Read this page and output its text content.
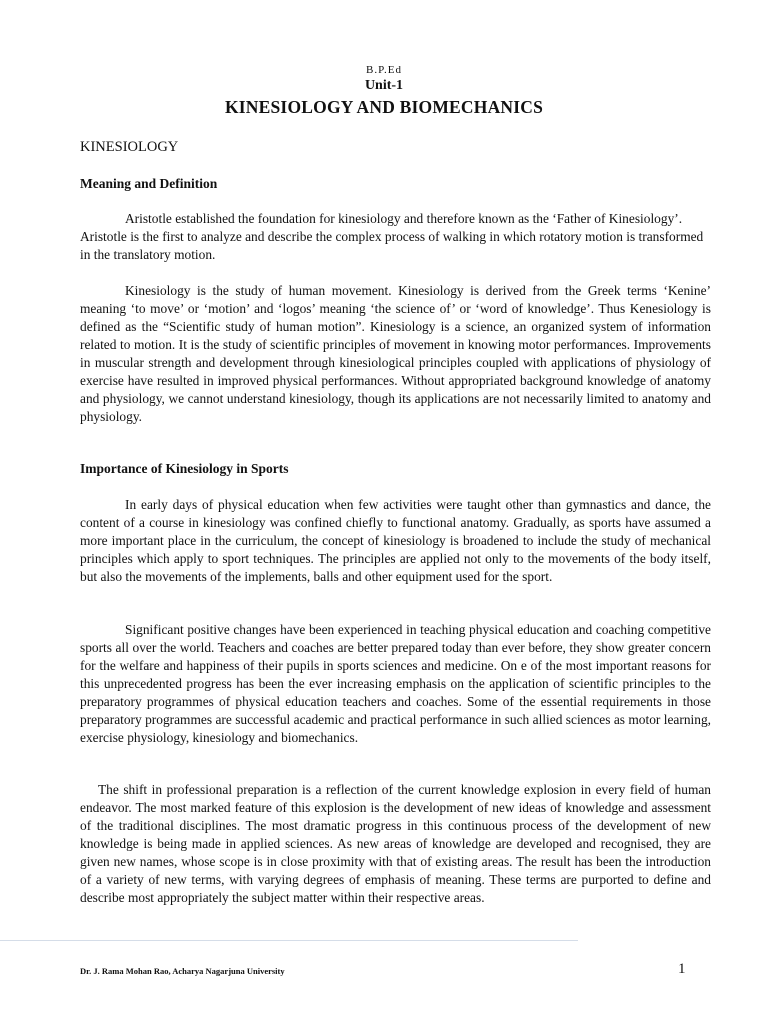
B.P.Ed
Unit-1
KINESIOLOGY AND BIOMECHANICS
KINESIOLOGY
Meaning and Definition

Aristotle established the foundation for kinesiology and therefore known as the ‘Father of Kinesiology’. Aristotle is the first to analyze and describe the complex process of walking in which rotatory motion is transformed in the translatory motion.

Kinesiology is the study of human movement. Kinesiology is derived from the Greek terms ‘Kenine’ meaning ‘to move’ or ‘motion’ and ‘logos’ meaning ‘the science of’ or ‘word of knowledge’. Thus Kenesiology is defined as the “Scientific study of human motion”. Kinesiology is a science, an organized system of information related to motion. It is the study of scientific principles of movement in knowing motor performances. Improvements in muscular strength and development through kinesiological principles coupled with applications of physiology of exercise have resulted in improved physical performances. Without appropriated background knowledge of anatomy and physiology, we cannot understand kinesiology, though its applications are not necessarily limited to anatomy and physiology.

Importance of Kinesiology in Sports

In early days of physical education when few activities were taught other than gymnastics and dance, the content of a course in kinesiology was confined chiefly to functional anatomy. Gradually, as sports have assumed a more important place in the curriculum, the concept of kinesiology is broadened to include the study of mechanical principles which apply to sport techniques. The principles are applied not only to the movements of the body itself, but also the movements of the implements, balls and other equipment used for the sport.

Significant positive changes have been experienced in teaching physical education and coaching competitive sports all over the world. Teachers and coaches are better prepared today than ever before, they show greater concern for the welfare and happiness of their pupils in sports sciences and medicine. On e of the most important reasons for this unprecedented progress has been the ever increasing emphasis on the application of scientific principles to the preparatory programmes of physical education teachers and coaches. Some of the essential requirements in those preparatory programmes are successful academic and practical performance in such allied sciences as motor learning, exercise physiology, kinesiology and biomechanics.

The shift in professional preparation is a reflection of the current knowledge explosion in every field of human endeavor. The most marked feature of this explosion is the development of new ideas of knowledge and assessment of the traditional disciplines. The most dramatic progress in this continuous process of the development of new knowledge is being made in applied sciences. As new areas of knowledge are developed and recognised, they are given new names, whose scope is in close proximity with that of existing areas. The result has been the introduction of a variety of new terms, with varying degrees of emphasis of meaning. These terms are purported to define and describe most appropriately the subject matter within their respective areas.

Dr. J. Rama Mohan Rao, Acharya Nagarjuna University	1
